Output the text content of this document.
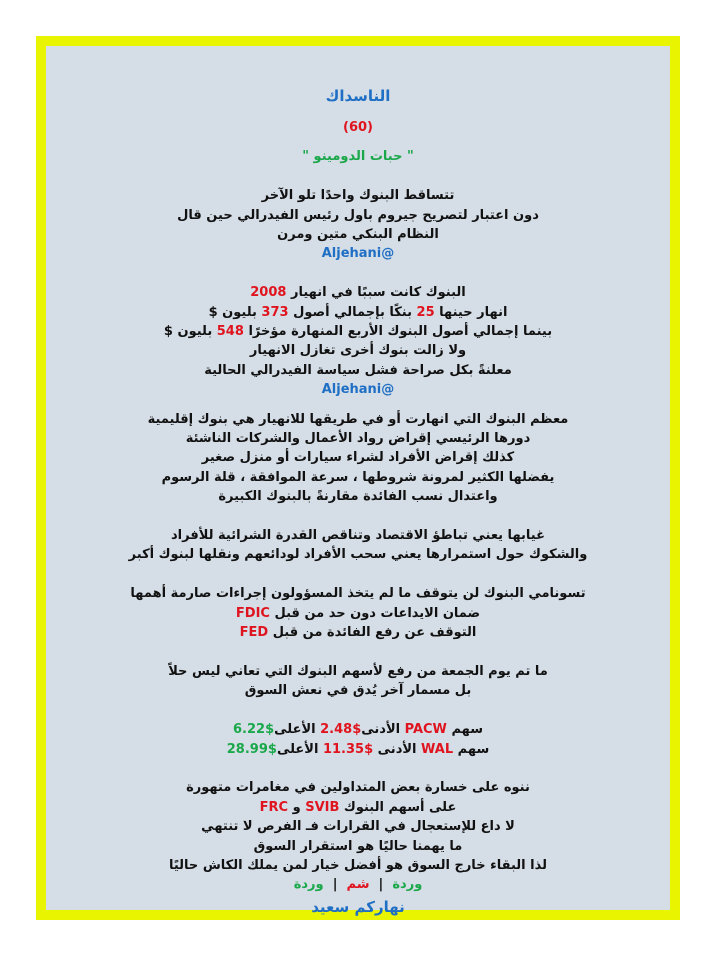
الناسداك
(60)
" حبات الدومينو "
تتساقط البنوك واحدًا تلو الآخر
دون اعتبار لتصريح جيروم باول رئيس الفيدرالي حين قال
النظام البنكي متين ومرن
@Aljehani
البنوك كانت سببًا في انهيار 2008
انهار حينها 25 بنكًا بإجمالي أصول 373 بليون $
بينما إجمالي أصول البنوك الأربع المنهارة مؤخرًا 548 بليون $
ولا زالت بنوك أخرى تغازل الانهيار
معلنةً بكل صراحة فشل سياسة الفيدرالي الحالية
@Aljehani
معظم البنوك التي انهارت أو في طريقها للانهيار هي بنوك إقليمية
دورها الرئيسي إقراض رواد الأعمال والشركات الناشئة
كذلك إقراض الأفراد لشراء سيارات أو منزل صغير
يفضلها الكثير لمرونة شروطها ، سرعة الموافقة ، قلة الرسوم
واعتدال نسب الفائدة مقارنةً بالبنوك الكبيرة
غيابها يعني تباطؤ الاقتصاد وتناقص القدرة الشرائية للأفراد
والشكوك حول استمرارها يعني سحب الأفراد لودائعهم ونقلها لبنوك أكبر
تسونامي البنوك لن يتوقف ما لم يتخذ المسؤولون إجراءات صارمة أهمها
ضمان الايداعات دون حد من قبل FDIC
التوقف عن رفع الفائدة من قبل FED
ما تم يوم الجمعة من رفع لأسهم البنوك التي تعاني ليس حلاً
بل مسمار آخر يُدق في نعش السوق
سهم PACW الأدنى$2.48 الأعلى$6.22
سهم WAL الأدنى $11.35 الأعلى$28.99
ننوه على خسارة بعض المتداولين في مغامرات متهورة
على أسهم البنوك SVIB و FRC
لا داع للإستعجال في القرارات فـ الفرص لا تنتهي
ما يهمنا حاليًا هو استقرار السوق
لذا البقاء خارج السوق هو أفضل خيار لمن يملك الكاش حاليًا
وردة  |  شم  |  وردة
نهاركم سعيد
